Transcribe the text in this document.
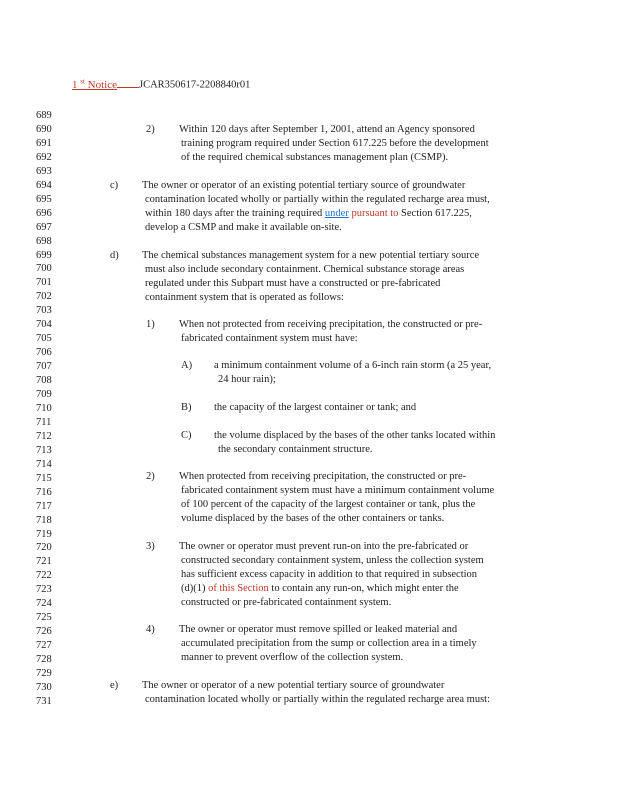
1 $^{st}$ Notice JCAR350617-2208840r01
689
690
691
692
693
694
695
696
697
698
699
700
701
702
703
704
705
706
707
708
709
710
711
712
713
714
715
716
717
718
719
720
721
722
723
724
725
726
727
728
729
730
731
2) Within 120 days after September 1, 2001, attend an Agency sponsored
training program required under Section 617.225 before the development
of the required chemical substances management plan (CSMP).
c) The owner or operator of an existing potential tertiary source of groundwater
contamination located wholly or partially within the regulated recharge area must,
within 180 days after the training required under pursuant to Section 617.225,
develop a CSMP and make it available on-site.
d) The chemical substances management system for a new potential tertiary source
must also include secondary containment. Chemical substance storage areas
regulated under this Subpart must have a constructed or pre-fabricated
containment system that is operated as follows:
1) When not protected from receiving precipitation, the constructed or pre-
fabricated containment system must have:
A) a minimum containment volume of a 6-inch rain storm (a 25 year,
24 hour rain);
B) the capacity of the largest container or tank; and
C) the volume displaced by the bases of the other tanks located within
the secondary containment structure.
2) When protected from receiving precipitation, the constructed or pre-
fabricated containment system must have a minimum containment volume
of 100 percent of the capacity of the largest container or tank, plus the
volume displaced by the bases of the other containers or tanks.
3) The owner or operator must prevent run-on into the pre-fabricated or
constructed secondary containment system, unless the collection system
has sufficient excess capacity in addition to that required in subsection
(d)(1) of this Section to contain any run-on, which might enter the
constructed or pre-fabricated containment system.
4) The owner or operator must remove spilled or leaked material and
accumulated precipitation from the sump or collection area in a timely
manner to prevent overflow of the collection system.
e) The owner or operator of a new potential tertiary source of groundwater
contamination located wholly or partially within the regulated recharge area must:
